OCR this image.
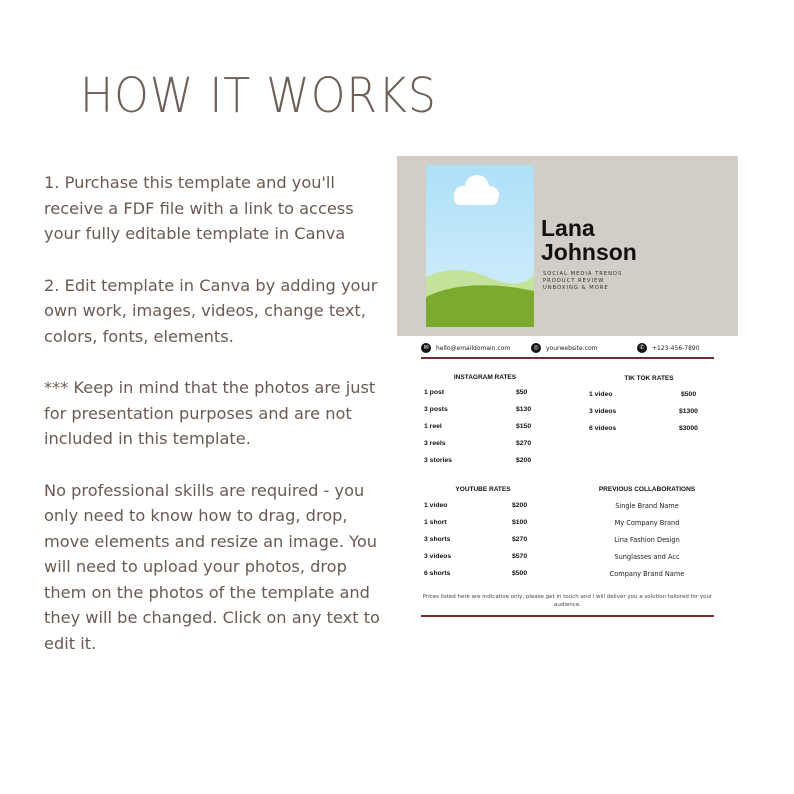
HOW IT WORKS

1. Purchase this template and you'll receive a FDF file with a link to access your fully editable template in Canva

2. Edit template in Canva by adding your own work, images, videos, change text, colors, fonts, elements.

*** Keep in mind that the photos are just for presentation purposes and are not included in this template.

No professional skills are required - you only need to know how to drag, drop, move elements and resize an image. You will need to upload your photos, drop them on the photos of the template and they will be changed. Click on any text to edit it.

Lana
Johnson
SOCIAL MEDIA TRENDS
PRODUCT REVIEW
UNBOXING & MORE
✉	hello@emaildomain.com	◎	yourwebsite.com	✆	+123-456-7890
INSTAGRAM RATES
1 post	$50
3 posts	$130
1 reel	$150
3 reels	$270
3 stories	$200
TIK TOK RATES
1 video	$500
3 videos	$1300
6 videos	$3000
YOUTUBE RATES
1 video	$200
1 short	$100
3 shorts	$270
3 videos	$570
6 shorts	$500
PREVIOUS COLLABORATIONS
Single Brand Name
My Company Brand
Lina Fashion Design
Sunglasses and Acc
Company Brand Name
Prices listed here are indicative only, please get in touch and I will deliver you a solution tailored for your audience.
